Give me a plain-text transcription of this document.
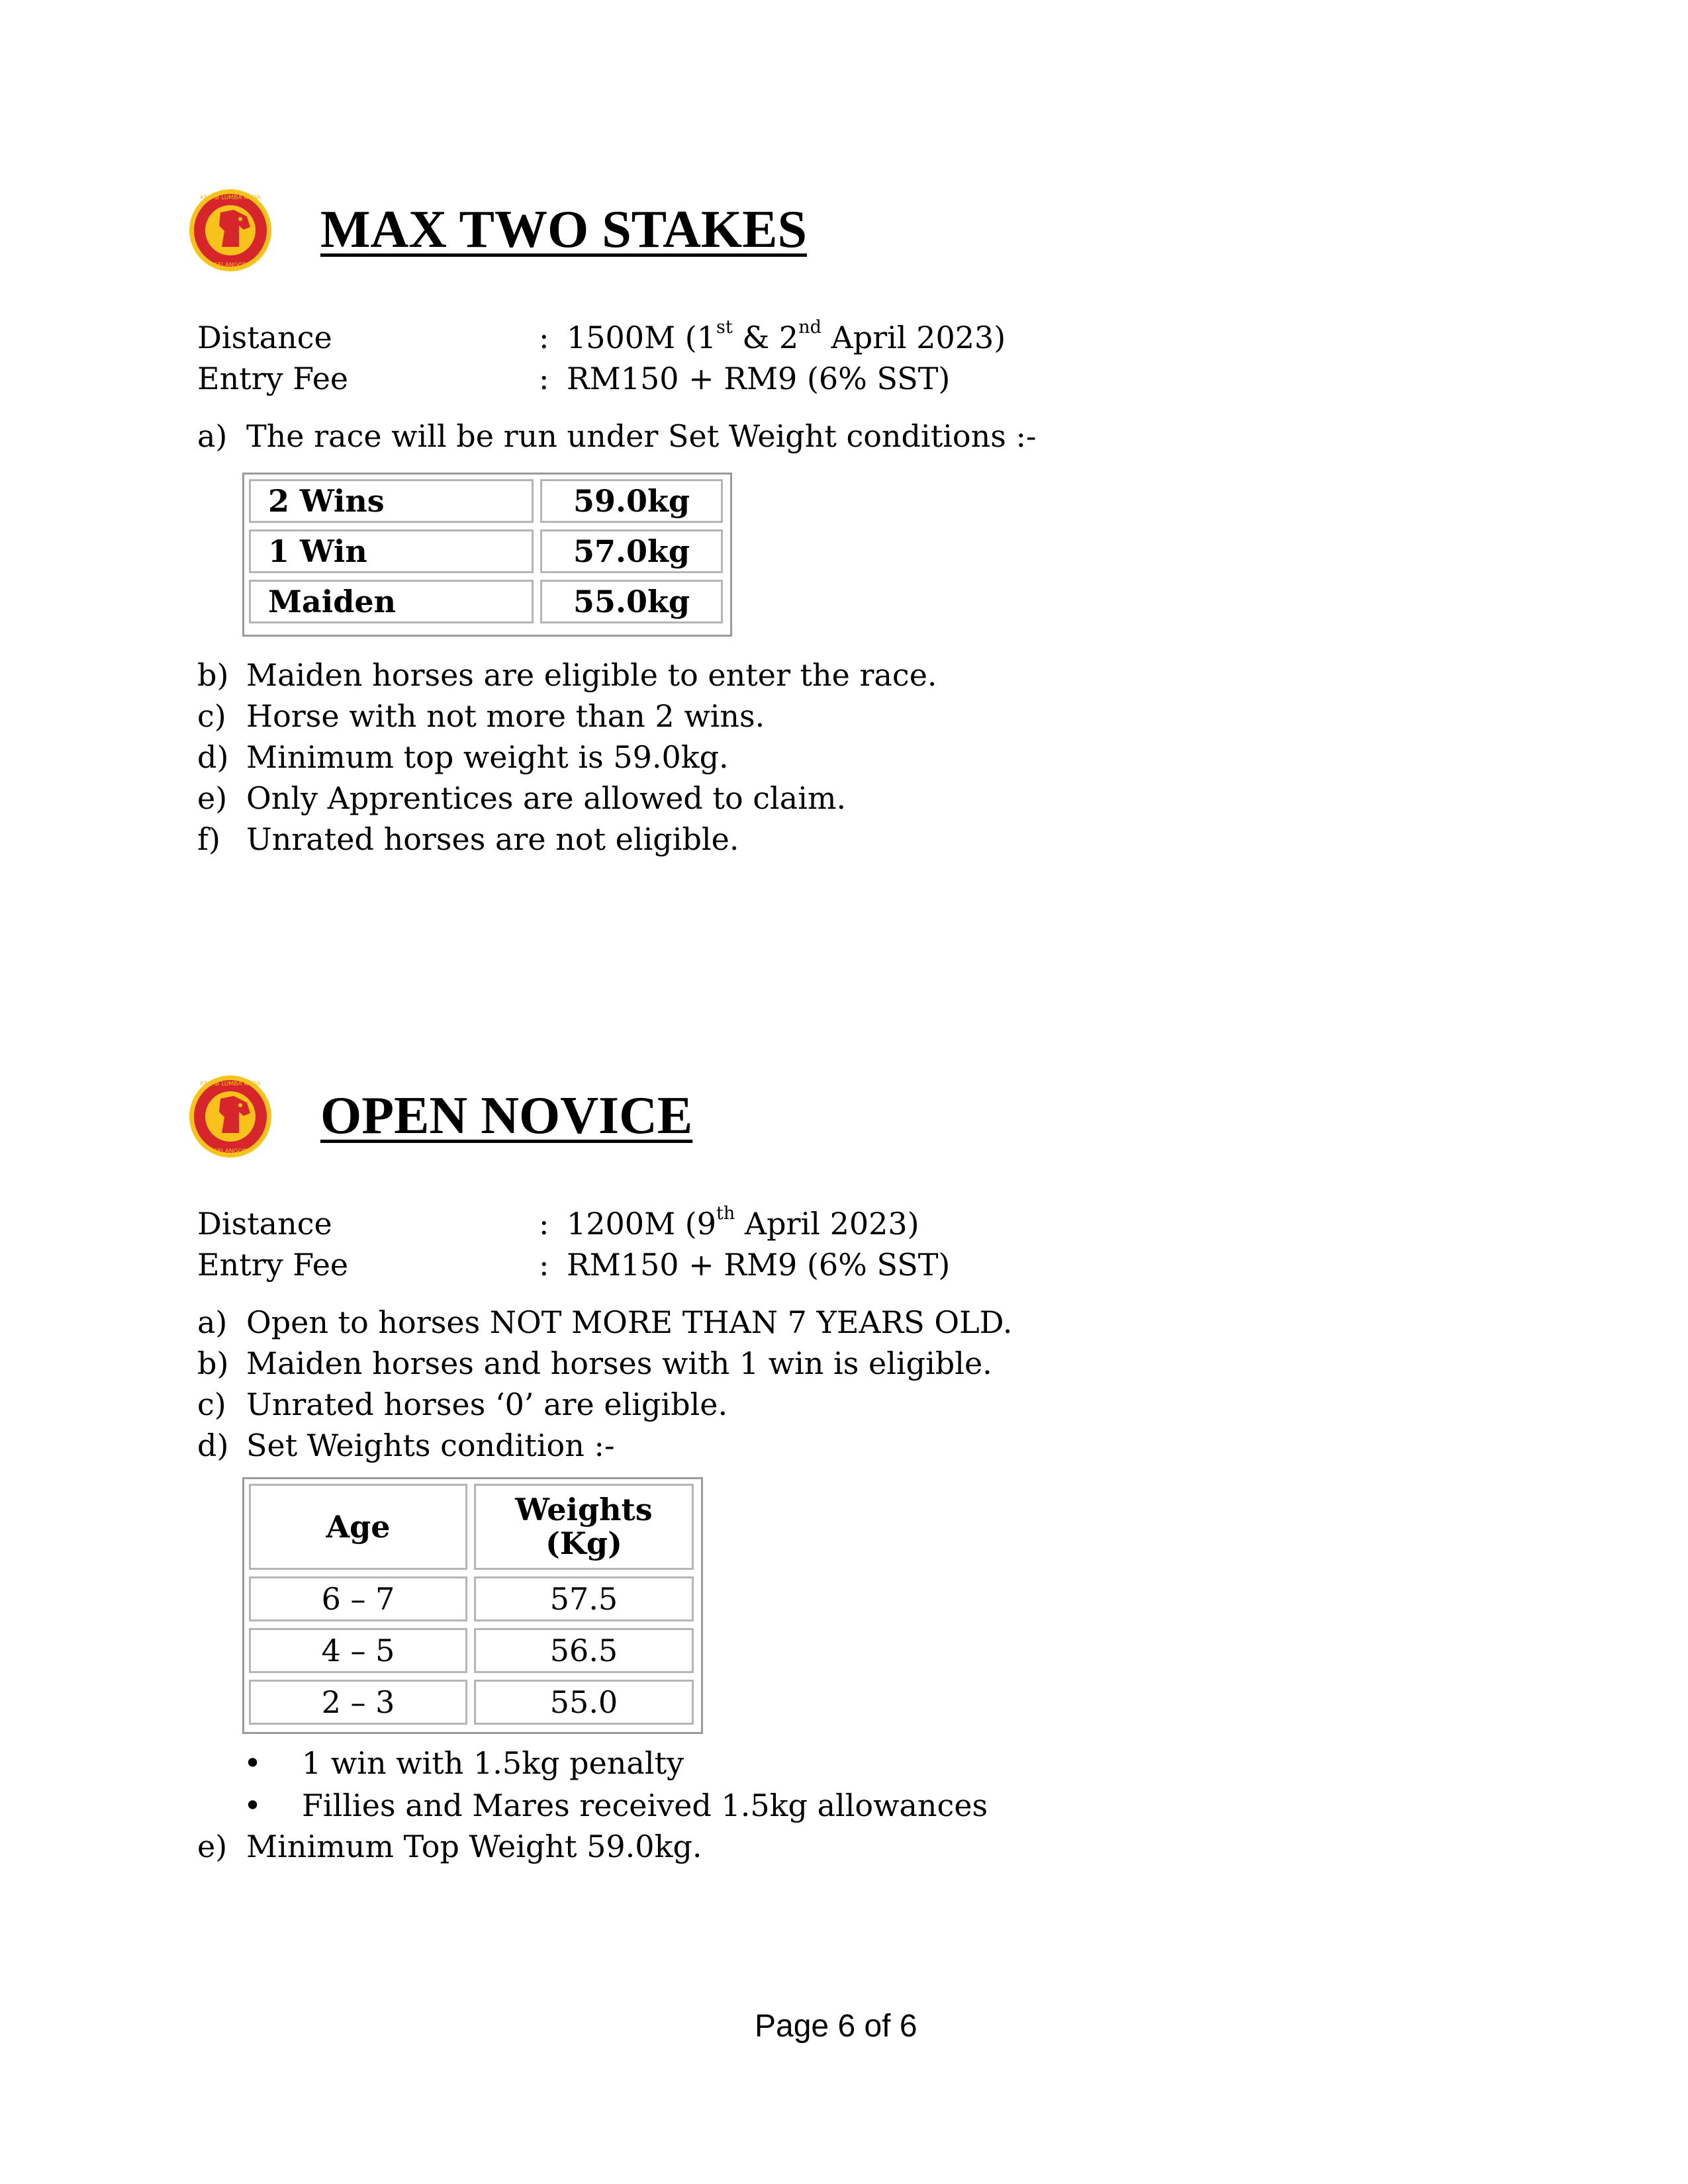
KELAB LUMBA KUDA
SELANGOR
MAX TWO STAKES
Distance	: 1500M (1st & 2nd April 2023)
Entry Fee	: RM150 + RM9 (6% SST)
a) The race will be run under Set Weight conditions :-
2 Wins	59.0kg
1 Win	57.0kg
Maiden	55.0kg
b) Maiden horses are eligible to enter the race.
c) Horse with not more than 2 wins.
d) Minimum top weight is 59.0kg.
e) Only Apprentices are allowed to claim.
f) Unrated horses are not eligible.
KELAB LUMBA KUDA
SELANGOR
OPEN NOVICE
Distance	: 1200M (9th April 2023)
Entry Fee	: RM150 + RM9 (6% SST)
a) Open to horses NOT MORE THAN 7 YEARS OLD.
b) Maiden horses and horses with 1 win is eligible.
c) Unrated horses ‘0’ are eligible.
d) Set Weights condition :-
Age	Weights (Kg)
6 – 7	57.5
4 – 5	56.5
2 – 3	55.0
• 1 win with 1.5kg penalty
• Fillies and Mares received 1.5kg allowances
e) Minimum Top Weight 59.0kg.
Page 6 of 6
